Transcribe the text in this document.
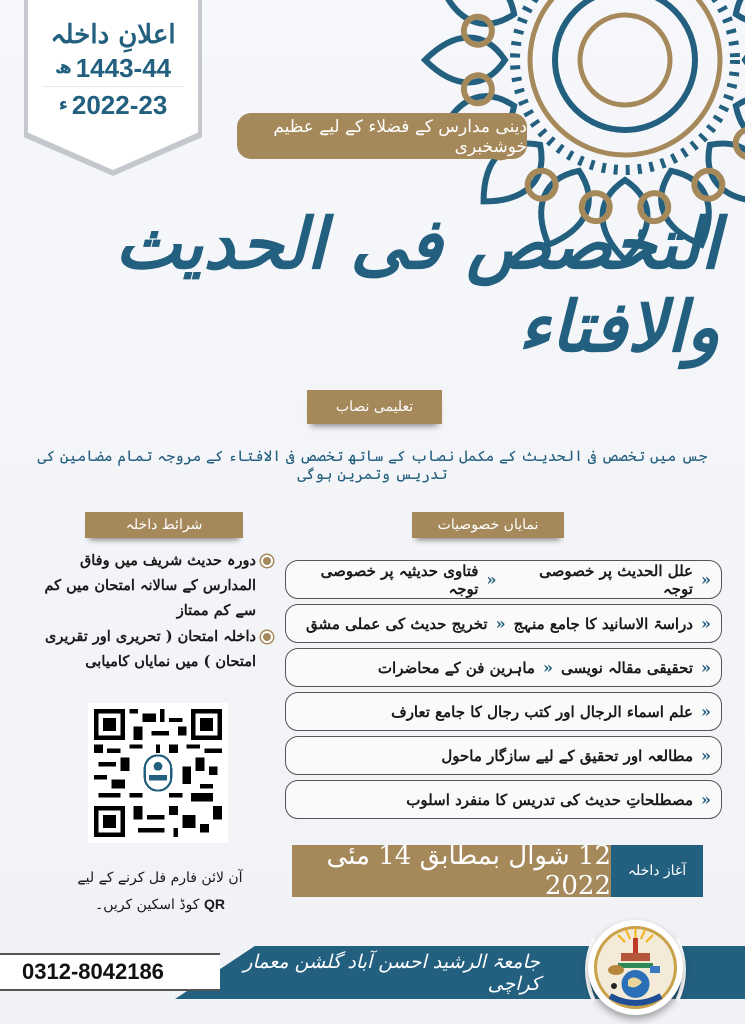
اعلانِ داخلہ
ھ 1443-44
ء 2022-23
دینی مدارس کے فضلاء کے لیے عظیم خوشخبری
التخصص فی الحدیث والافتاء
تعلیمی نصاب
جس میں تخصص فی الحدیث کے مکمل نصاب کے ساتھ تخصص فی الافتاء کے مروجہ تمام مضامین کی تدریس وتمرین ہوگی
شرائط داخلہ
دورہ حدیث شریف میں وفاق المدارس کے سالانہ امتحان میں کم سے کم ممتاز
داخلہ امتحان ( تحریری اور تقریری امتحان ) میں نمایاں کامیابی
آن لائن فارم فل کرنے کے لیے
QR کوڈ اسکین کریں۔
نمایاں خصوصیات
«
علل الحدیث پر خصوصی توجہ
«
فتاوی حدیثیہ پر خصوصی توجہ
«
دراسۃ الاسانید کا جامع منہج
«
تخریج حدیث کی عملی مشق
«
تحقیقی مقالہ نویسی
«
ماہرین فن کے محاضرات
«
علم اسماء الرجال اور کتب رجال کا جامع تعارف
«
مطالعہ اور تحقیق کے لیے سازگار ماحول
«
مصطلحاتِ حدیث کی تدریس کا منفرد اسلوب
آغاز داخلہ
12 شوال بمطابق 14 مئی 2022
0312-8042186	جامعۃ الرشید احسن آباد گلشن معمار کراچی
